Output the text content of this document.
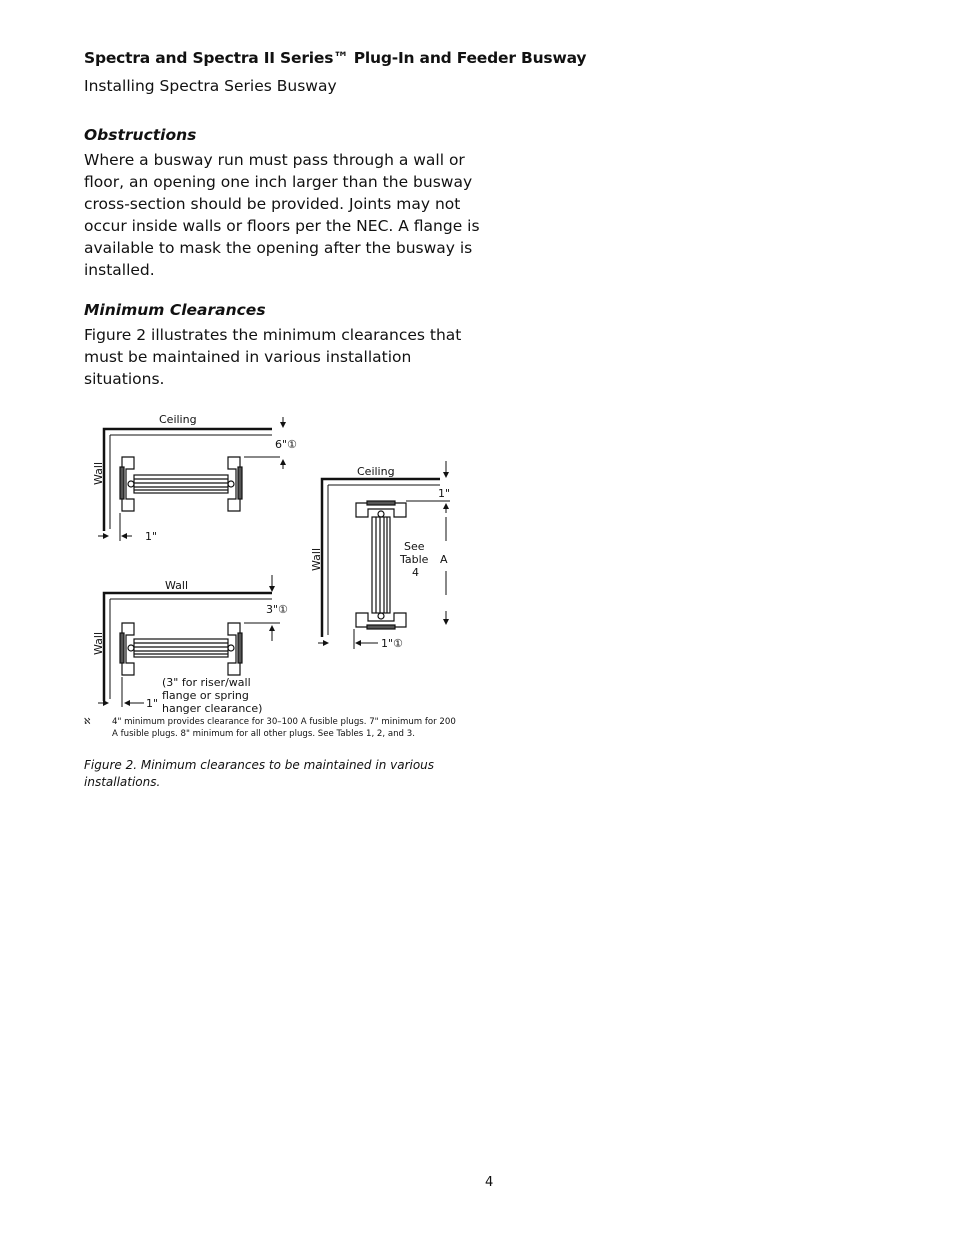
Spectra and Spectra II Series™ Plug-In and Feeder Busway
Installing Spectra Series Busway
Obstructions
Where a busway run must pass through a wall or
floor, an opening one inch larger than the busway
cross-section should be provided. Joints may not
occur inside walls or floors per the NEC. A flange is
available to mask the opening after the busway is
installed.
Minimum Clearances
Figure 2 illustrates the minimum clearances that
must be maintained in various installation
situations.
Ceiling
Wall
6"①
1"
Wall
Wall
3"①
1"
(3" for riser/wall
flange or spring
hanger clearance)
Ceiling
Wall
1"
See
Table
4
A
1"①
ℵ	4" minimum provides clearance for 30–100 A fusible plugs. 7" minimum for 200
A fusible plugs. 8" minimum for all other plugs. See Tables 1, 2, and 3.
Figure 2. Minimum clearances to be maintained in various
installations.
4
